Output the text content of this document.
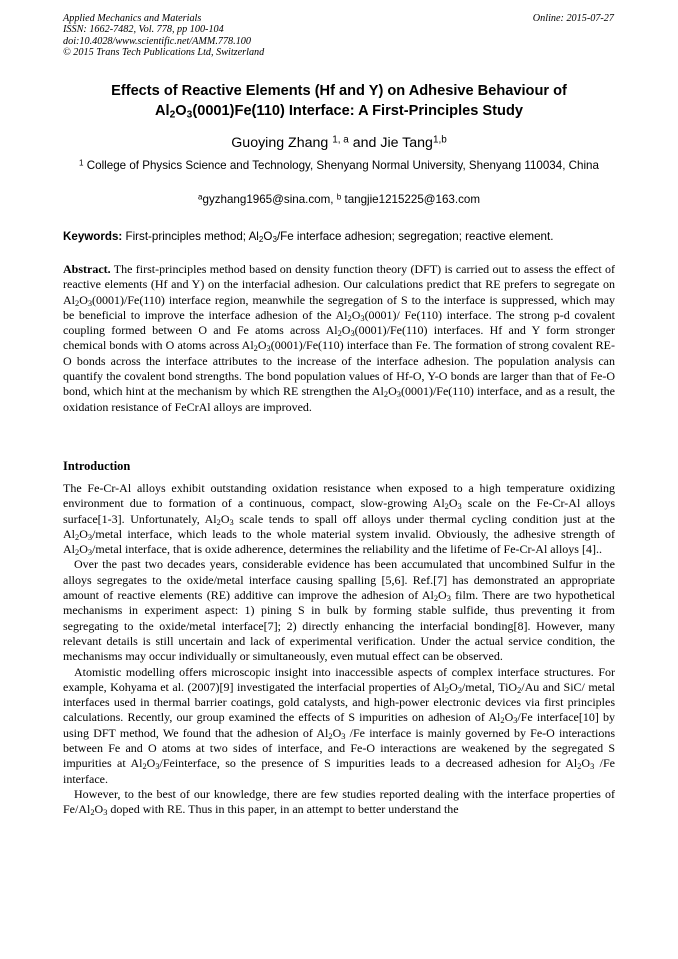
Applied Mechanics and Materials
ISSN: 1662-7482, Vol. 778, pp 100-104
doi:10.4028/www.scientific.net/AMM.778.100
© 2015 Trans Tech Publications Ltd, Switzerland
Online: 2015-07-27
Effects of Reactive Elements (Hf and Y) on Adhesive Behaviour of
$Al_2O_3(0001)Fe(110)$ Interface: A First-Principles Study
Guoying Zhang $^{1, a}$ and Jie Tang$^{1,b}$
$^1$ College of Physics Science and Technology, Shenyang Normal University, Shenyang 110034, China
$^a$gyzhang1965@sina.com, $^b$ tangjie1215225@163.com
Keywords: First-principles method; $Al_2O_3/Fe$ interface adhesion; segregation; reactive element.
Abstract. The first-principles method based on density function theory (DFT) is carried out to assess the effect of reactive elements (Hf and Y) on the interfacial adhesion. Our calculations predict that RE prefers to segregate on $Al_2O_3(0001)/Fe(110)$ interface region, meanwhile the segregation of S to the interface is suppressed, which may be beneficial to improve the interface adhesion of the $Al_2O_3(0001)/$ Fe(110) interface. The strong p-d covalent coupling formed between O and Fe atoms across $Al_2O_3(0001)/Fe(110)$ interfaces. Hf and Y form stronger chemical bonds with O atoms across $Al_2O_3(0001)/Fe(110)$ interface than Fe. The formation of strong covalent RE-O bonds across the interface attributes to the increase of the interface adhesion. The population analysis can quantify the covalent bond strengths. The bond population values of Hf-O, Y-O bonds are larger than that of Fe-O bond, which hint at the mechanism by which RE strengthen the $Al_2O_3(0001)/Fe(110)$ interface, and as a result, the oxidation resistance of FeCrAl alloys are improved.
Introduction

The Fe-Cr-Al alloys exhibit outstanding oxidation resistance when exposed to a high temperature oxidizing environment due to formation of a continuous, compact, slow-growing $Al_2O_3$ scale on the Fe-Cr-Al alloys surface[1-3]. Unfortunately, $Al_2O_3$ scale tends to spall off alloys under thermal cycling condition just at the $Al_2O_3$/metal interface, which leads to the whole material system invalid. Obviously, the adhesive strength of $Al_2O_3$/metal interface, that is oxide adherence, determines the reliability and the lifetime of Fe-Cr-Al alloys [4]..

Over the past two decades years, considerable evidence has been accumulated that uncombined Sulfur in the alloys segregates to the oxide/metal interface causing spalling [5,6]. Ref.[7] has demonstrated an appropriate amount of reactive elements (RE) additive can improve the adhesion of $Al_2O_3$ film. There are two hypothetical mechanisms in experiment aspect: 1) pining S in bulk by forming stable sulfide, thus preventing it from segregating to the oxide/metal interface[7]; 2) directly enhancing the interfacial bonding[8]. However, many relevant details is still uncertain and lack of experimental verification. Under the actual service condition, the mechanisms may occur individually or simultaneously, even mutual effect can be observed.

Atomistic modelling offers microscopic insight into inaccessible aspects of complex interface structures. For example, Kohyama et al. (2007)[9] investigated the interfacial properties of $Al_2O_3$/metal, TiO$_2$/Au and SiC/ metal interfaces used in thermal barrier coatings, gold catalysts, and high-power electronic devices via first principles calculations. Recently, our group examined the effects of S impurities on adhesion of $Al_2O_3/Fe$ interface[10] by using DFT method, We found that the adhesion of $Al_2O_3$ /Fe interface is mainly governed by Fe-O interactions between Fe and O atoms at two sides of interface, and Fe-O interactions are weakened by the segregated S impurities at $Al_2O_3$/Feinterface, so the presence of S impurities leads to a decreased adhesion for $Al_2O_3$ /Fe interface.

However, to the best of our knowledge, there are few studies reported dealing with the interface properties of $Fe/Al_2O_3$ doped with RE. Thus in this paper, in an attempt to better understand the
